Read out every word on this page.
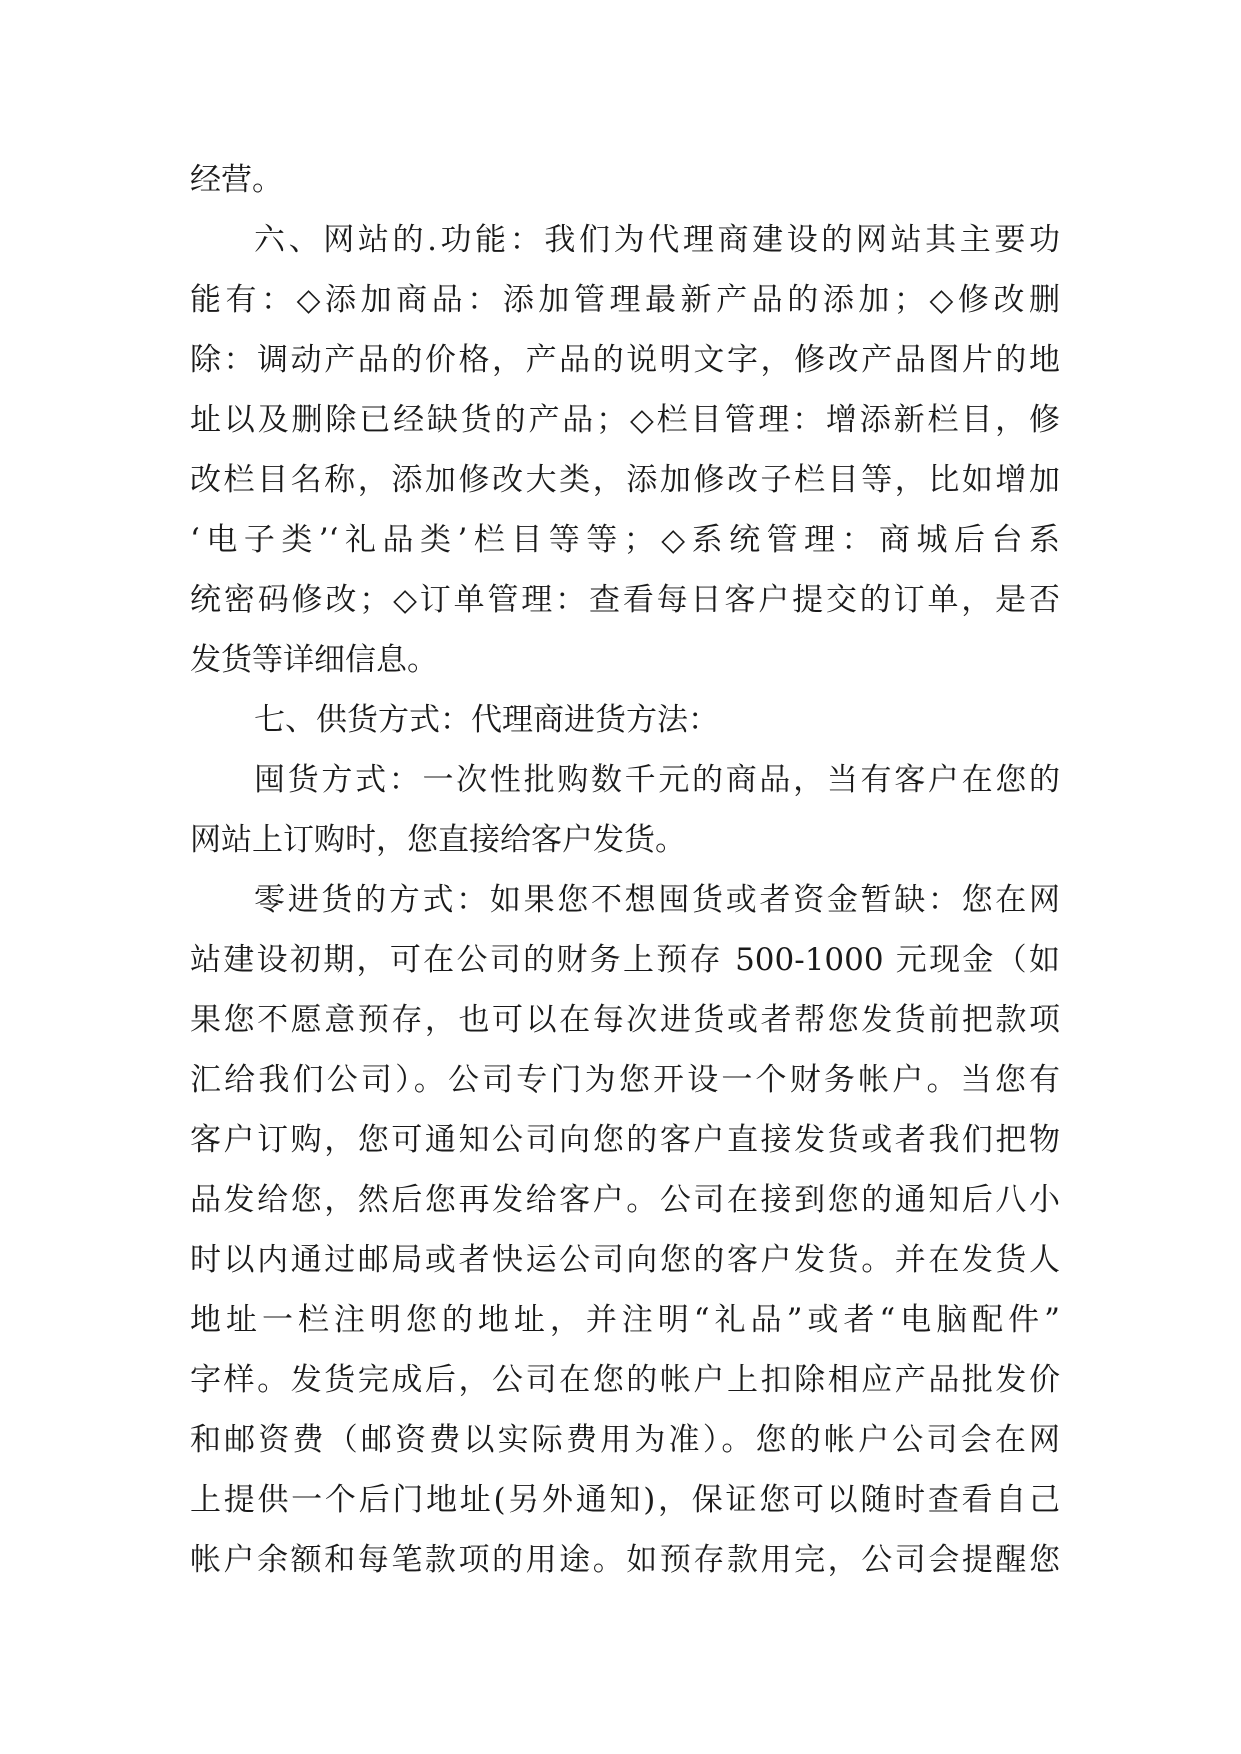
经营。
六、网站的.功能：我们为代理商建设的网站其主要功
能有：◇添加商品：添加管理最新产品的添加；◇修改删
除：调动产品的价格，产品的说明文字，修改产品图片的地
址以及删除已经缺货的产品；◇栏目管理：增添新栏目，修
改栏目名称，添加修改大类，添加修改子栏目等，比如增加
‘电子类’‘礼品类’栏目等等；◇系统管理：商城后台系
统密码修改；◇订单管理：查看每日客户提交的订单，是否
发货等详细信息。
七、供货方式：代理商进货方法：
囤货方式：一次性批购数千元的商品，当有客户在您的
网站上订购时，您直接给客户发货。
零进货的方式：如果您不想囤货或者资金暂缺：您在网
站建设初期，可在公司的财务上预存 500-1000 元现金（如
果您不愿意预存，也可以在每次进货或者帮您发货前把款项
汇给我们公司）。公司专门为您开设一个财务帐户。当您有
客户订购，您可通知公司向您的客户直接发货或者我们把物
品发给您，然后您再发给客户。公司在接到您的通知后八小
时以内通过邮局或者快运公司向您的客户发货。并在发货人
地址一栏注明您的地址，并注明“礼品”或者“电脑配件”
字样。发货完成后，公司在您的帐户上扣除相应产品批发价
和邮资费（邮资费以实际费用为准）。您的帐户公司会在网
上提供一个后门地址(另外通知)，保证您可以随时查看自己
帐户余额和每笔款项的用途。如预存款用完，公司会提醒您
